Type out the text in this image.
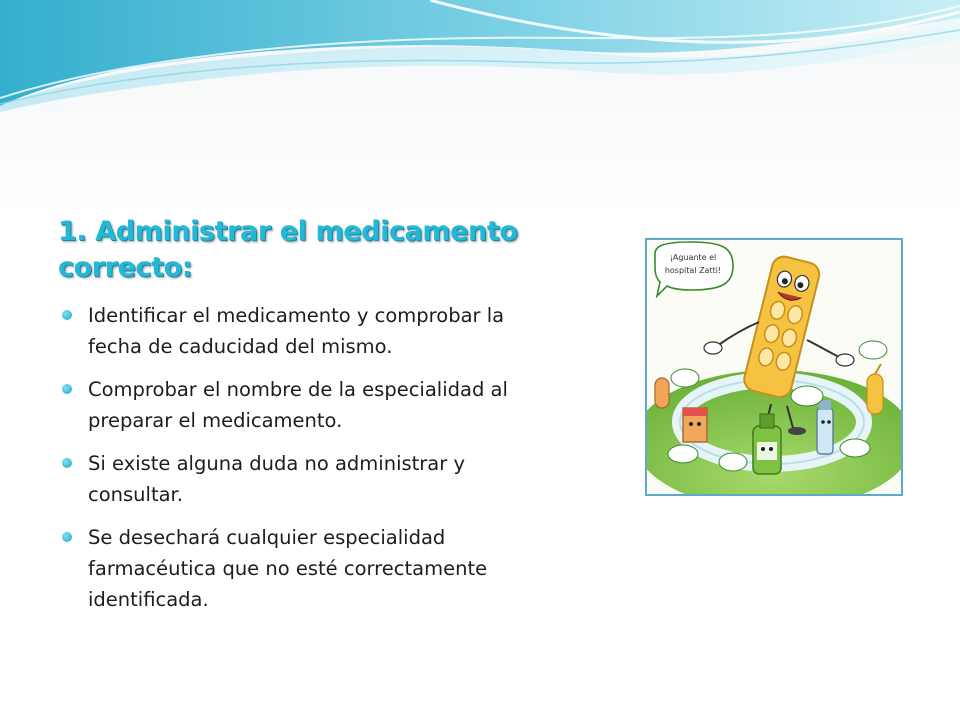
1. Administrar el medicamento correcto:
Identificar el medicamento y comprobar la fecha de caducidad del mismo.
Comprobar el nombre de la especialidad al preparar el medicamento.
Si existe alguna duda no administrar y consultar.
Se desechará cualquier especialidad farmacéutica que no esté correctamente identificada.
¡Aguante el
hospital Zatti!
